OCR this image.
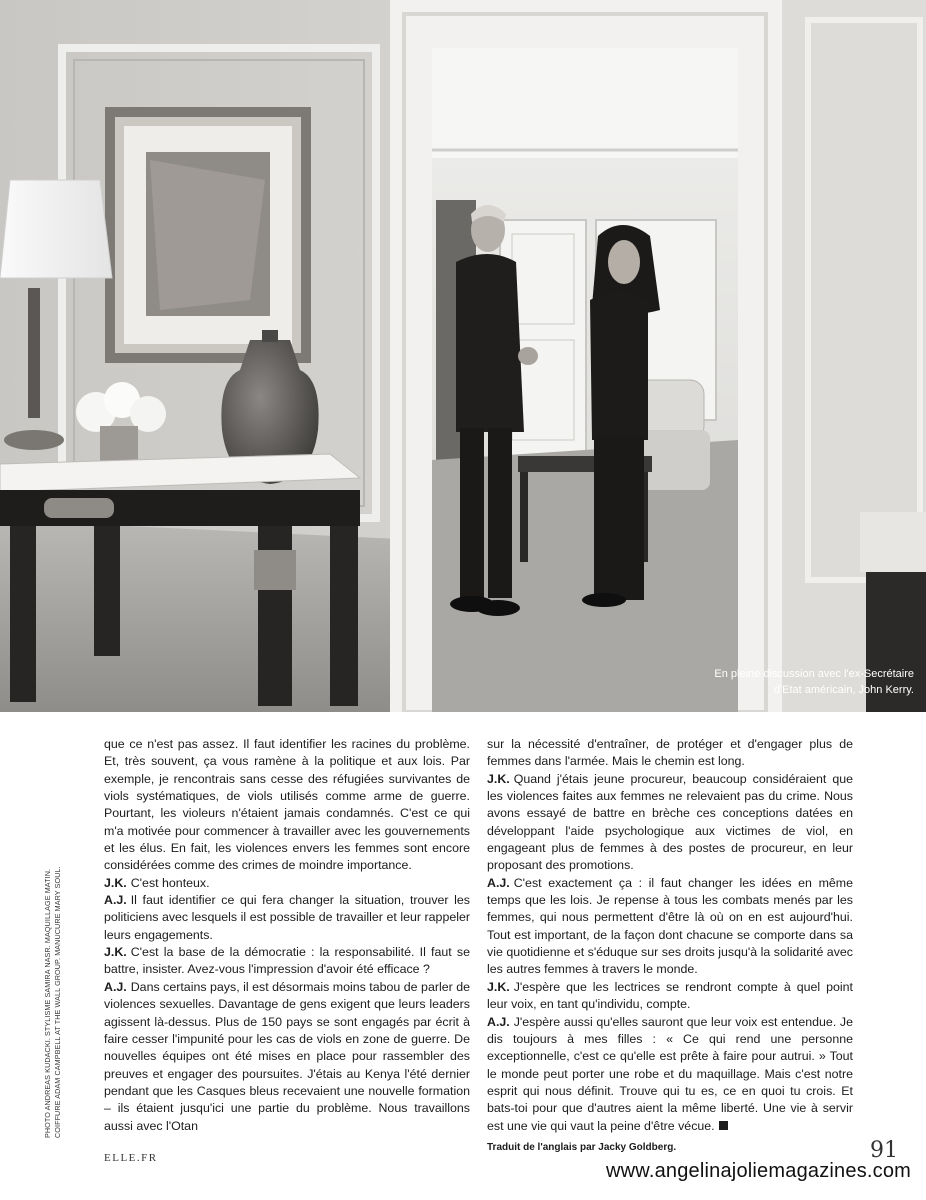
En pleine discussion avec l'ex-Secrétaire
d'Etat américain, John Kerry.
PHOTO ANDREAS KUDACKI. STYLISME SAMIRA NASR. MAQUILLAGE MATIN. COIFFURE ADAM CAMPBELL AT THE WALL GROUP. MANUCURE MARY SOUL.

que ce n'est pas assez. Il faut identifier les racines du problème. Et, très souvent, ça vous ramène à la politique et aux lois. Par exemple, je rencontrais sans cesse des réfugiées survivantes de viols systématiques, de viols utilisés comme arme de guerre. Pourtant, les violeurs n'étaient jamais condamnés. C'est ce qui m'a motivée pour commencer à travailler avec les gouvernements et les élus. En fait, les violences envers les femmes sont encore considérées comme des crimes de moindre importance.

J.K. C'est honteux.

A.J. Il faut identifier ce qui fera changer la situation, trouver les politiciens avec lesquels il est possible de travailler et leur rappeler leurs engagements.

J.K. C'est la base de la démocratie : la responsabilité. Il faut se battre, insister. Avez-vous l'impression d'avoir été efficace ?

A.J. Dans certains pays, il est désormais moins tabou de parler de violences sexuelles. Davantage de gens exigent que leurs leaders agissent là-dessus. Plus de 150 pays se sont engagés par écrit à faire cesser l'impunité pour les cas de viols en zone de guerre. De nouvelles équipes ont été mises en place pour rassembler des preuves et engager des poursuites. J'étais au Kenya l'été dernier pendant que les Casques bleus recevaient une nouvelle formation – ils étaient jusqu'ici une partie du problème. Nous travaillons aussi avec l'Otan

sur la nécessité d'entraîner, de protéger et d'engager plus de femmes dans l'armée. Mais le chemin est long.

J.K. Quand j'étais jeune procureur, beaucoup considéraient que les violences faites aux femmes ne relevaient pas du crime. Nous avons essayé de battre en brèche ces conceptions datées en développant l'aide psychologique aux victimes de viol, en engageant plus de femmes à des postes de procureur, en leur proposant des promotions.

A.J. C'est exactement ça : il faut changer les idées en même temps que les lois. Je repense à tous les combats menés par les femmes, qui nous permettent d'être là où on en est aujourd'hui. Tout est important, de la façon dont chacune se comporte dans sa vie quotidienne et s'éduque sur ses droits jusqu'à la solidarité avec les autres femmes à travers le monde.

J.K. J'espère que les lectrices se rendront compte à quel point leur voix, en tant qu'individu, compte.

A.J. J'espère aussi qu'elles sauront que leur voix est entendue. Je dis toujours à mes filles : « Ce qui rend une personne exceptionnelle, c'est ce qu'elle est prête à faire pour autrui. » Tout le monde peut porter une robe et du maquillage. Mais c'est notre esprit qui nous définit. Trouve qui tu es, ce en quoi tu crois. Et bats-toi pour que d'autres aient la même liberté. Une vie à servir est une vie qui vaut la peine d'être vécue.

Traduit de l'anglais par Jacky Goldberg.

ELLE.FR	91
www.angelinajoliemagazines.com
